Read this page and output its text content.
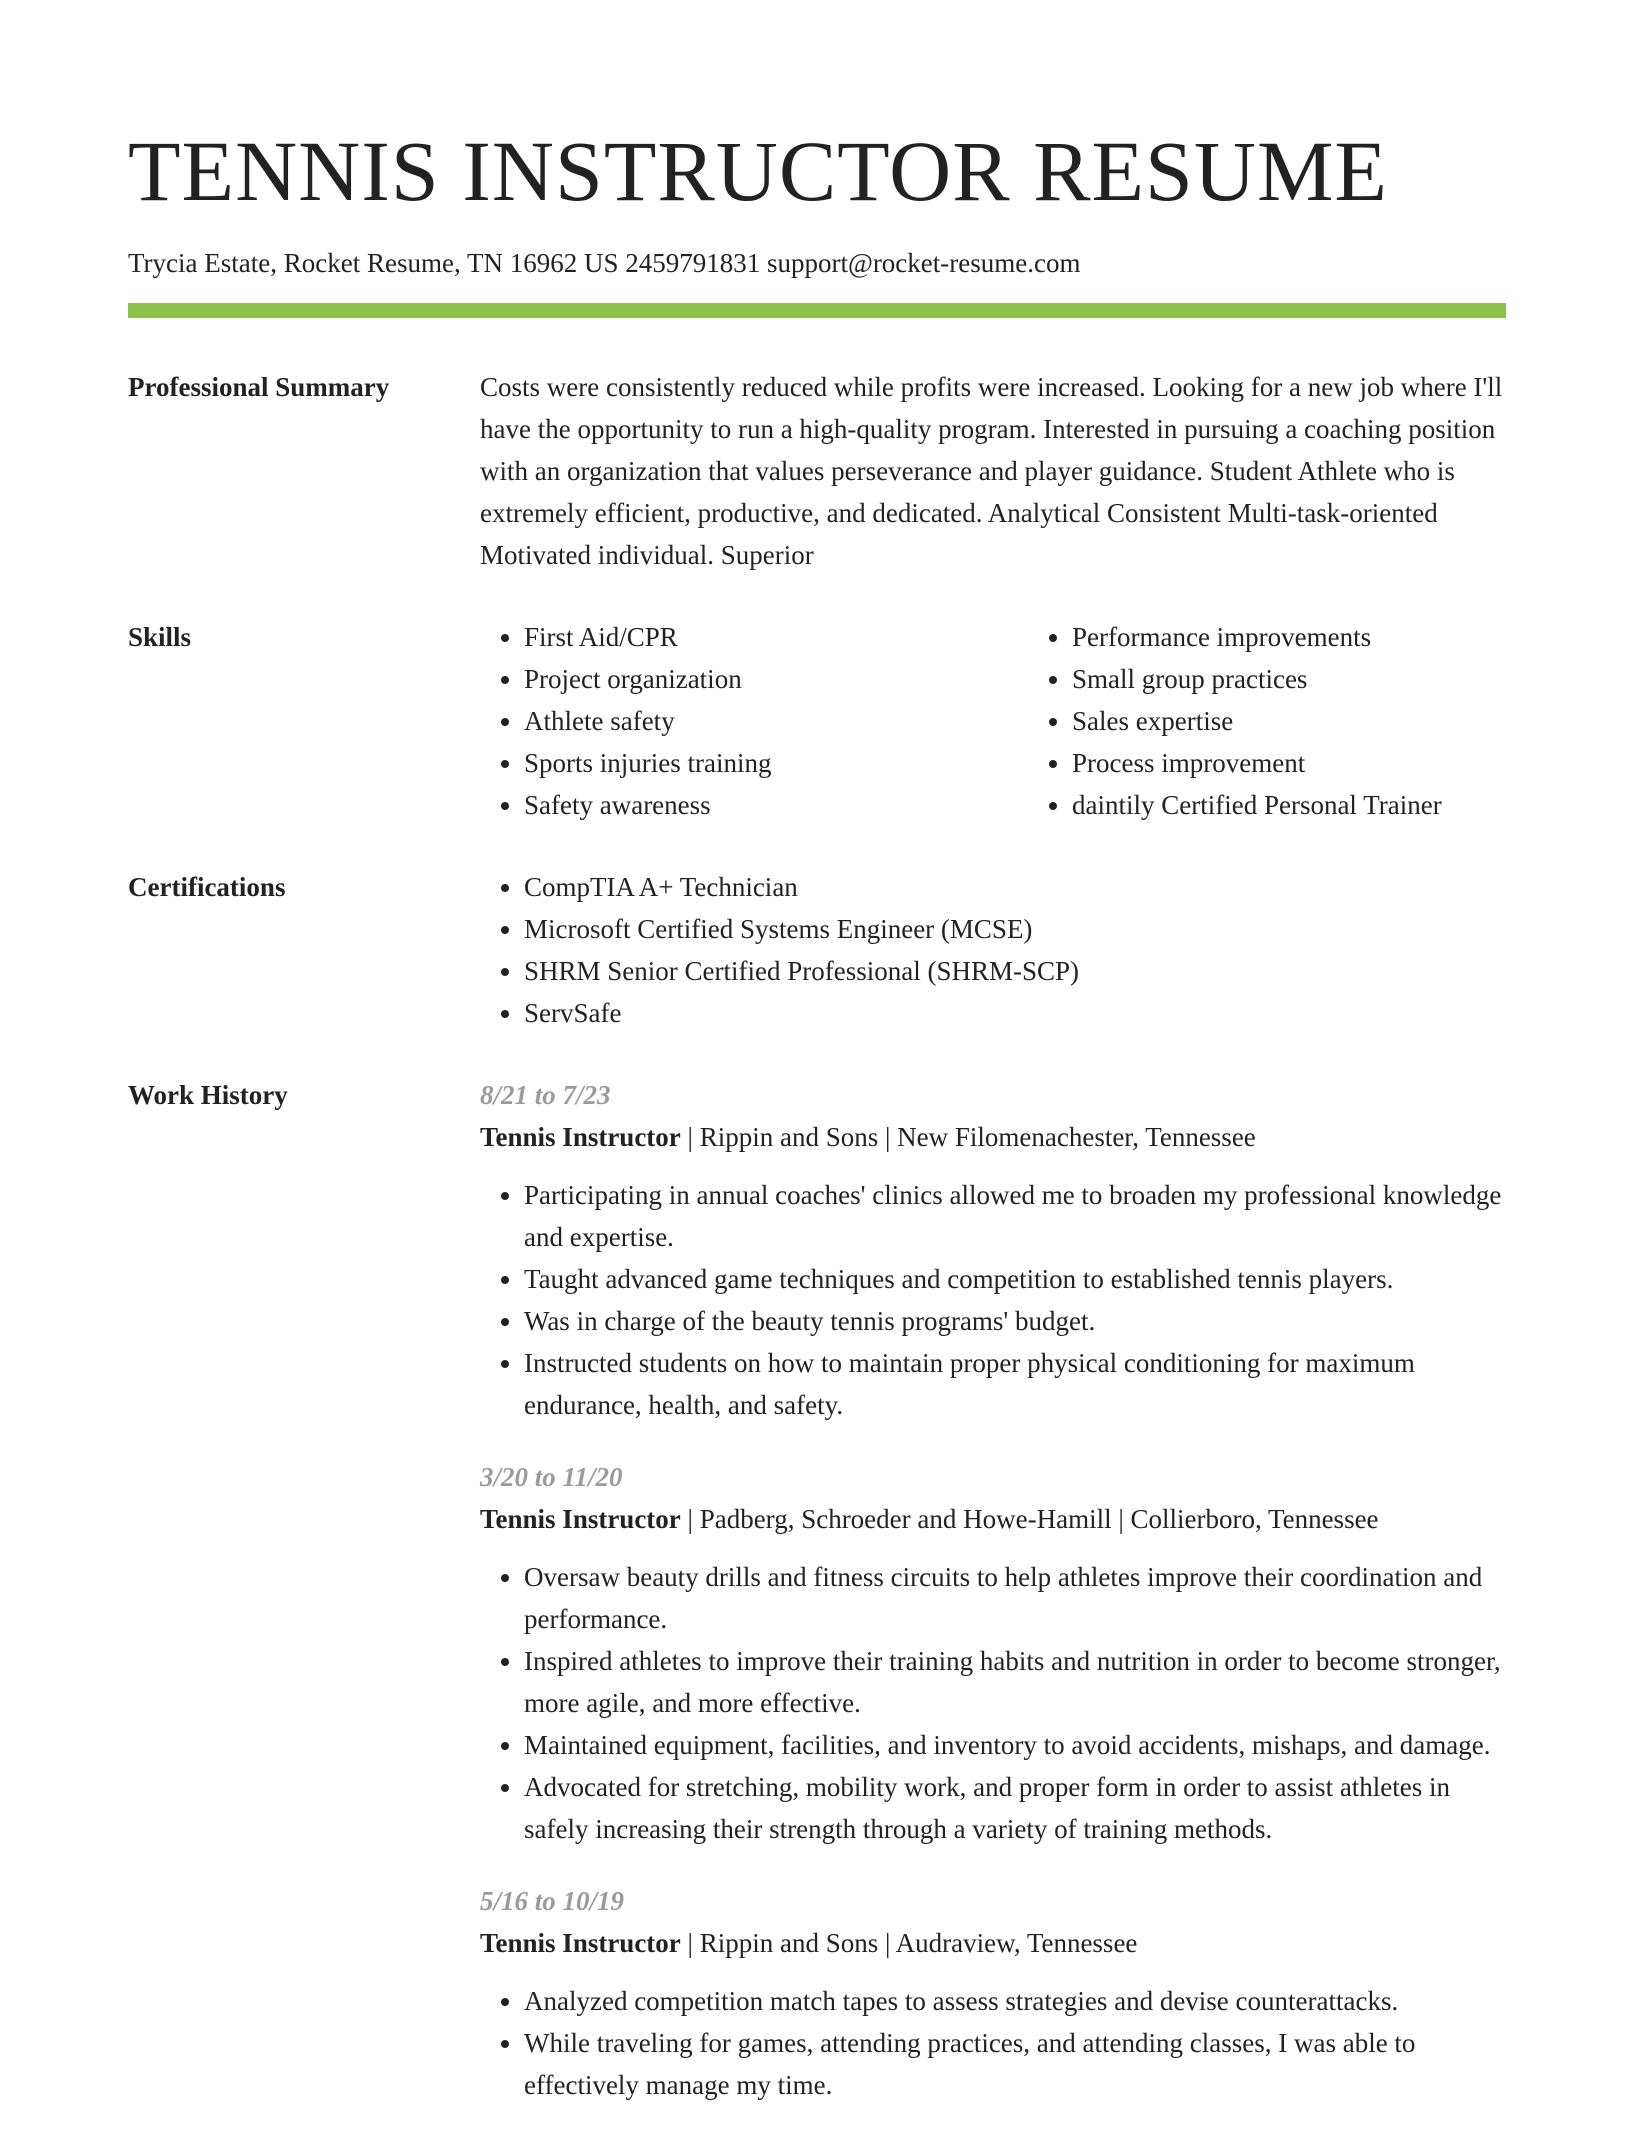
TENNIS INSTRUCTOR RESUME
Trycia Estate, Rocket Resume, TN 16962 US 2459791831 support@rocket-resume.com
Professional Summary	Costs were consistently reduced while profits were increased. Looking for a new job where I'll have the opportunity to run a high-quality program. Interested in pursuing a coaching position with an organization that values perseverance and player guidance. Student Athlete who is extremely efficient, productive, and dedicated. Analytical Consistent Multi-task-oriented Motivated individual. Superior

Skills	• First Aid/CPR
• Project organization
• Athlete safety
• Sports injuries training
• Safety awareness
• Performance improvements
• Small group practices
• Sales expertise
• Process improvement
• daintily Certified Personal Trainer
Certifications	• CompTIA A+ Technician
• Microsoft Certified Systems Engineer (MCSE)
• SHRM Senior Certified Professional (SHRM-SCP)
• ServSafe
Work History	8/21 to 7/23
Tennis Instructor | Rippin and Sons | New Filomenachester, Tennessee
• Participating in annual coaches' clinics allowed me to broaden my professional knowledge and expertise.
• Taught advanced game techniques and competition to established tennis players.
• Was in charge of the beauty tennis programs' budget.
• Instructed students on how to maintain proper physical conditioning for maximum endurance, health, and safety.
3/20 to 11/20
Tennis Instructor | Padberg, Schroeder and Howe-Hamill | Collierboro, Tennessee
• Oversaw beauty drills and fitness circuits to help athletes improve their coordination and performance.
• Inspired athletes to improve their training habits and nutrition in order to become stronger, more agile, and more effective.
• Maintained equipment, facilities, and inventory to avoid accidents, mishaps, and damage.
• Advocated for stretching, mobility work, and proper form in order to assist athletes in safely increasing their strength through a variety of training methods.
5/16 to 10/19
Tennis Instructor | Rippin and Sons | Audraview, Tennessee
• Analyzed competition match tapes to assess strategies and devise counterattacks.
• While traveling for games, attending practices, and attending classes, I was able to effectively manage my time.
